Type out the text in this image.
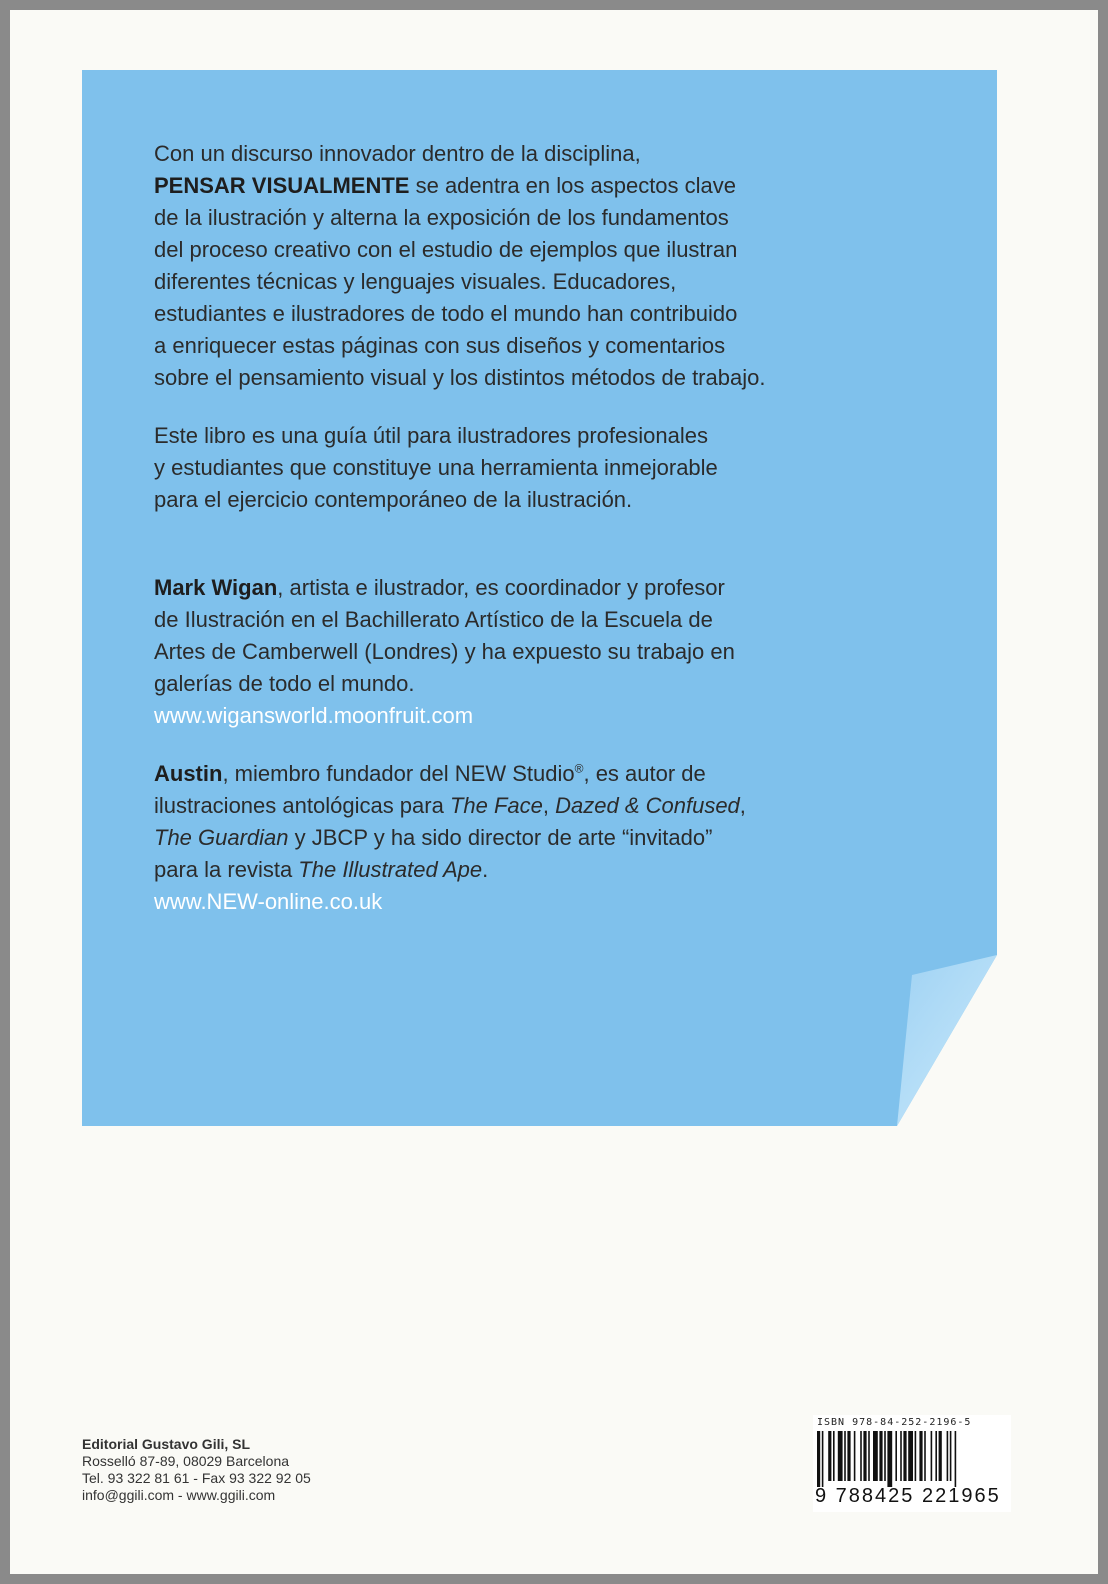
Con un discurso innovador dentro de la disciplina,
PENSAR VISUALMENTE se adentra en los aspectos clave
de la ilustración y alterna la exposición de los fundamentos
del proceso creativo con el estudio de ejemplos que ilustran
diferentes técnicas y lenguajes visuales. Educadores,
estudiantes e ilustradores de todo el mundo han contribuido
a enriquecer estas páginas con sus diseños y comentarios
sobre el pensamiento visual y los distintos métodos de trabajo.

Este libro es una guía útil para ilustradores profesionales
y estudiantes que constituye una herramienta inmejorable
para el ejercicio contemporáneo de la ilustración.

Mark Wigan, artista e ilustrador, es coordinador y profesor
de Ilustración en el Bachillerato Artístico de la Escuela de
Artes de Camberwell (Londres) y ha expuesto su trabajo en
galerías de todo el mundo.
www.wigansworld.moonfruit.com

Austin, miembro fundador del NEW Studio®, es autor de
ilustraciones antológicas para The Face, Dazed & Confused,
The Guardian y JBCP y ha sido director de arte “invitado”
para la revista The Illustrated Ape.
www.NEW-online.co.uk

Editorial Gustavo Gili, SL
Rosselló 87-89, 08029 Barcelona
Tel. 93 322 81 61 - Fax 93 322 92 05
info@ggili.com - www.ggili.com
ISBN 978-84-252-2196-5
9 788425 221965
